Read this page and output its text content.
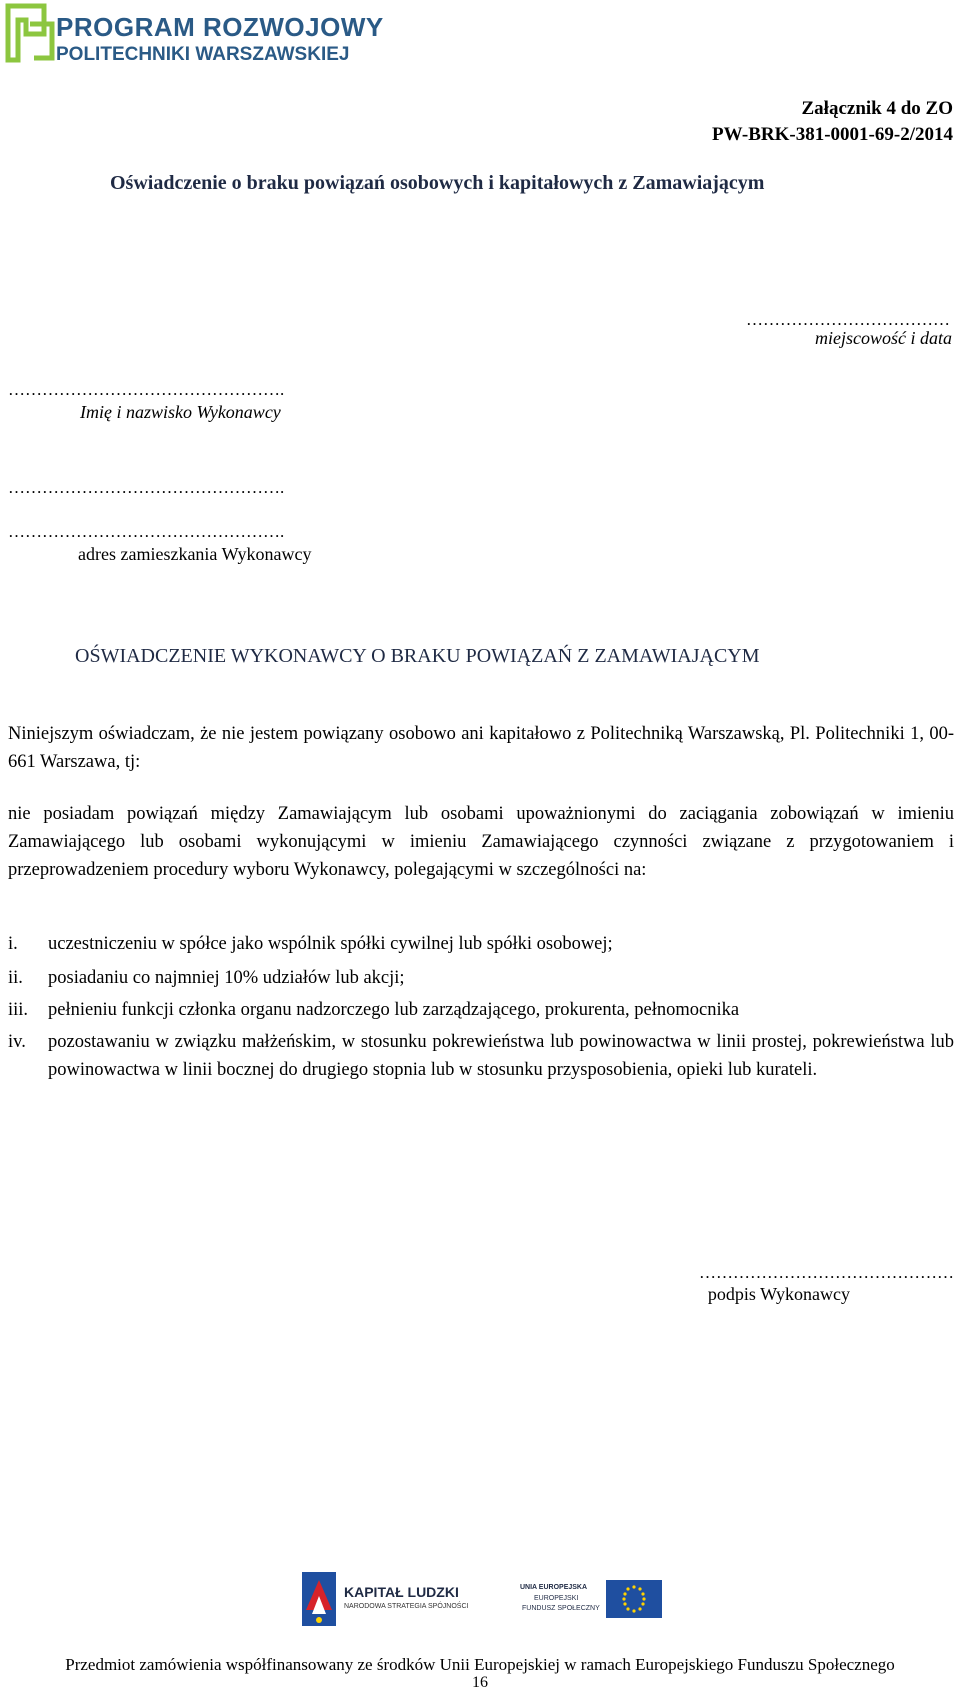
PROGRAM ROZWOJOWY
POLITECHNIKI WARSZAWSKIEJ
Załącznik 4 do ZO
PW-BRK-381-0001-69-2/2014
Oświadczenie o braku powiązań osobowych i kapitałowych z Zamawiającym
………………………………
miejscowość i data
………………………………………….
Imię i nazwisko Wykonawcy
………………………………………….
………………………………………….
adres zamieszkania Wykonawcy
OŚWIADCZENIE WYKONAWCY O BRAKU POWIĄZAŃ Z ZAMAWIAJĄCYM
Niniejszym oświadczam, że nie jestem powiązany osobowo ani kapitałowo z Politechniką Warszawską, Pl. Politechniki 1, 00-661 Warszawa, tj:
nie posiadam powiązań między Zamawiającym lub osobami upoważnionymi do zaciągania zobowiązań w imieniu Zamawiającego lub osobami wykonującymi w imieniu Zamawiającego czynności związane z przygotowaniem i przeprowadzeniem procedury wyboru Wykonawcy, polegającymi w szczególności na:
i.	uczestniczeniu w spółce jako wspólnik spółki cywilnej lub spółki osobowej;
ii.	posiadaniu co najmniej 10% udziałów lub akcji;
iii.	pełnieniu funkcji członka organu nadzorczego lub zarządzającego, prokurenta, pełnomocnika
iv.	pozostawaniu w związku małżeńskim, w stosunku pokrewieństwa lub powinowactwa w linii prostej, pokrewieństwa lub powinowactwa w linii bocznej do drugiego stopnia lub w stosunku przysposobienia, opieki lub kurateli.
………………………………………
podpis Wykonawcy
KAPITAŁ LUDZKI
NARODOWA STRATEGIA SPÓJNOŚCI
UNIA EUROPEJSKA
EUROPEJSKI
FUNDUSZ SPOŁECZNY
Przedmiot zamówienia współfinansowany ze środków Unii Europejskiej w ramach Europejskiego Funduszu Społecznego
16
